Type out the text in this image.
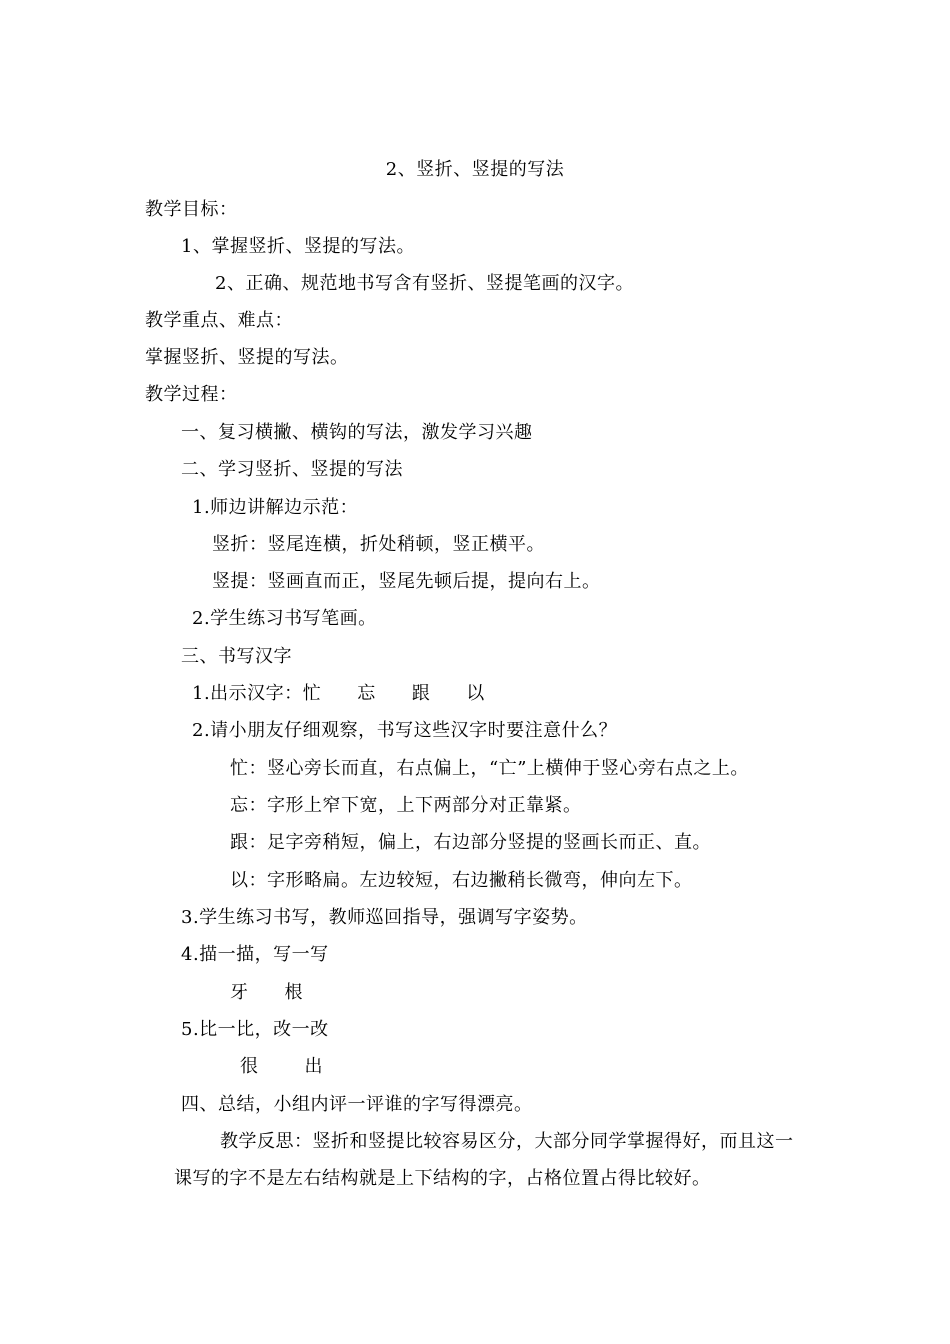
2、竖折、竖提的写法
教学目标：
1、掌握竖折、竖提的写法。
2、正确、规范地书写含有竖折、竖提笔画的汉字。
教学重点、难点：
掌握竖折、竖提的写法。
教学过程：
一、复习横撇、横钩的写法，激发学习兴趣
二、学习竖折、竖提的写法
1.师边讲解边示范：
竖折：竖尾连横，折处稍顿，竖正横平。
竖提：竖画直而正，竖尾先顿后提，提向右上。
2.学生练习书写笔画。
三、书写汉字
1.出示汉字：忙 忘 跟 以
2.请小朋友仔细观察，书写这些汉字时要注意什么？
忙：竖心旁长而直，右点偏上，“亡”上横伸于竖心旁右点之上。
忘：字形上窄下宽，上下两部分对正靠紧。
跟：足字旁稍短，偏上，右边部分竖提的竖画长而正、直。
以：字形略扁。左边较短，右边撇稍长微弯，伸向左下。
3.学生练习书写，教师巡回指导，强调写字姿势。
4.描一描，写一写
牙 根
5.比一比，改一改
很	出
四、总结，小组内评一评谁的字写得漂亮。
教学反思：竖折和竖提比较容易区分，大部分同学掌握得好，而且这一
课写的字不是左右结构就是上下结构的字，占格位置占得比较好。
